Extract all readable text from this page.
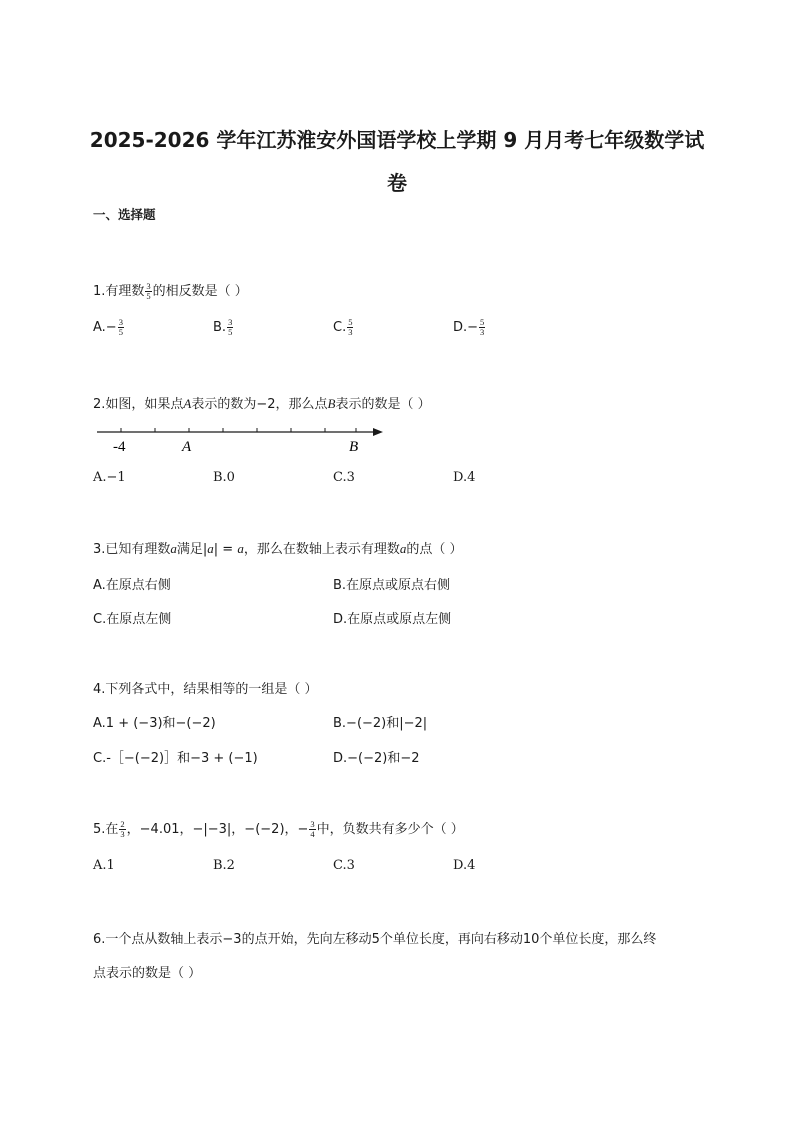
2025-2026 学年江苏淮安外国语学校上学期 9 月月考七年级数学试
卷
一、选择题
1.有理数 $\frac{3}{5}$ 的相反数是（ ）
$A.- \frac{3}{5}$	B. $\frac{3}{5}$	C. $\frac{5}{3}$	$D.- \frac{5}{3}$
2.如图，如果点A表示的数为−2，那么点B表示的数是（ ）
-4	A	B
A.−1	B.0	C.3	D.4
3.已知有理数a满足|a| = a，那么在数轴上表示有理数a的点（ ）
A.在原点右侧	B.在原点或原点右侧
C.在原点左侧	D.在原点或原点左侧
4.下列各式中，结果相等的一组是（ ）
A.1 + (−3)和−(−2)	B.−(−2)和|−2|
C.-［−(−2)］和−3 + (−1)	D.−(−2)和−2
5.在 $\frac{2}{3}$ ，−4.01，−|−3|，−(−2)，− $\frac{3}{4}$ 中，负数共有多少个（ ）
A.1	B.2	C.3	D.4
6.一个点从数轴上表示−3的点开始，先向左移动5个单位长度，再向右移动10个单位长度，那么终
点表示的数是（ ）
